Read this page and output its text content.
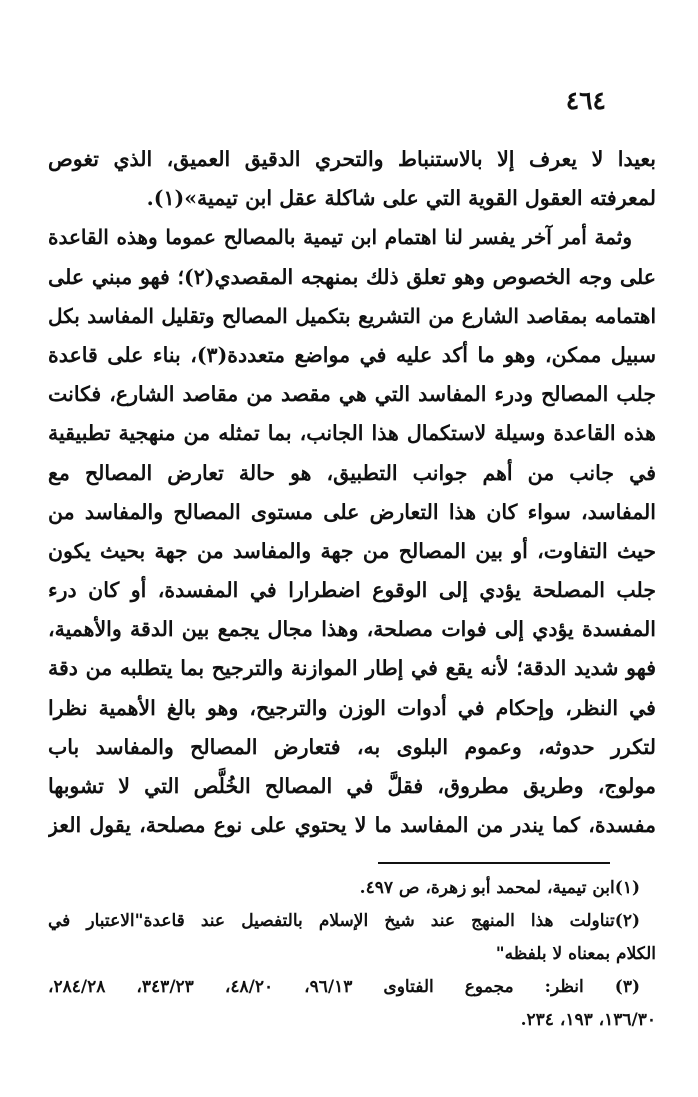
٤٦٤
بعيدا لا يعرف إلا بالاستنباط والتحري الدقيق العميق، الذي تغوص
لمعرفته العقول القوية التي على شاكلة عقل ابن تيمية»(١).
وثمة أمر آخر يفسر لنا اهتمام ابن تيمية بالمصالح عموما وهذه القاعدة
على وجه الخصوص وهو تعلق ذلك بمنهجه المقصدي(٢)؛ فهو مبني على
اهتمامه بمقاصد الشارع من التشريع بتكميل المصالح وتقليل المفاسد بكل
سبيل ممكن، وهو ما أكد عليه في مواضع متعددة(٣)، بناء على قاعدة
جلب المصالح ودرء المفاسد التي هي مقصد من مقاصد الشارع، فكانت
هذه القاعدة وسيلة لاستكمال هذا الجانب، بما تمثله من منهجية تطبيقية
في جانب من أهم جوانب التطبيق، هو حالة تعارض المصالح مع
المفاسد، سواء كان هذا التعارض على مستوى المصالح والمفاسد من
حيث التفاوت، أو بين المصالح من جهة والمفاسد من جهة بحيث يكون
جلب المصلحة يؤدي إلى الوقوع اضطرارا في المفسدة، أو كان درء
المفسدة يؤدي إلى فوات مصلحة، وهذا مجال يجمع بين الدقة والأهمية،
فهو شديد الدقة؛ لأنه يقع في إطار الموازنة والترجيح بما يتطلبه من دقة
في النظر، وإحكام في أدوات الوزن والترجيح، وهو بالغ الأهمية نظرا
لتكرر حدوثه، وعموم البلوى به، فتعارض المصالح والمفاسد باب
مولوج، وطريق مطروق، فقلَّ في المصالح الخُلَّص التي لا تشوبها
مفسدة، كما يندر من المفاسد ما لا يحتوي على نوع مصلحة، يقول العز
(١)ابن تيمية، لمحمد أبو زهرة، ص ٤٩٧.
(٢)تناولت هذا المنهج عند شيخ الإسلام بالتفصيل عند قاعدة"الاعتبار في
الكلام بمعناه لا بلفظه"
(٣) انظر: مجموع الفتاوى ٩٦/١٣، ٤٨/٢٠، ٣٤٣/٢٣، ٢٨٤/٢٨،
١٣٦/٣٠، ١٩٣، ٢٣٤.
